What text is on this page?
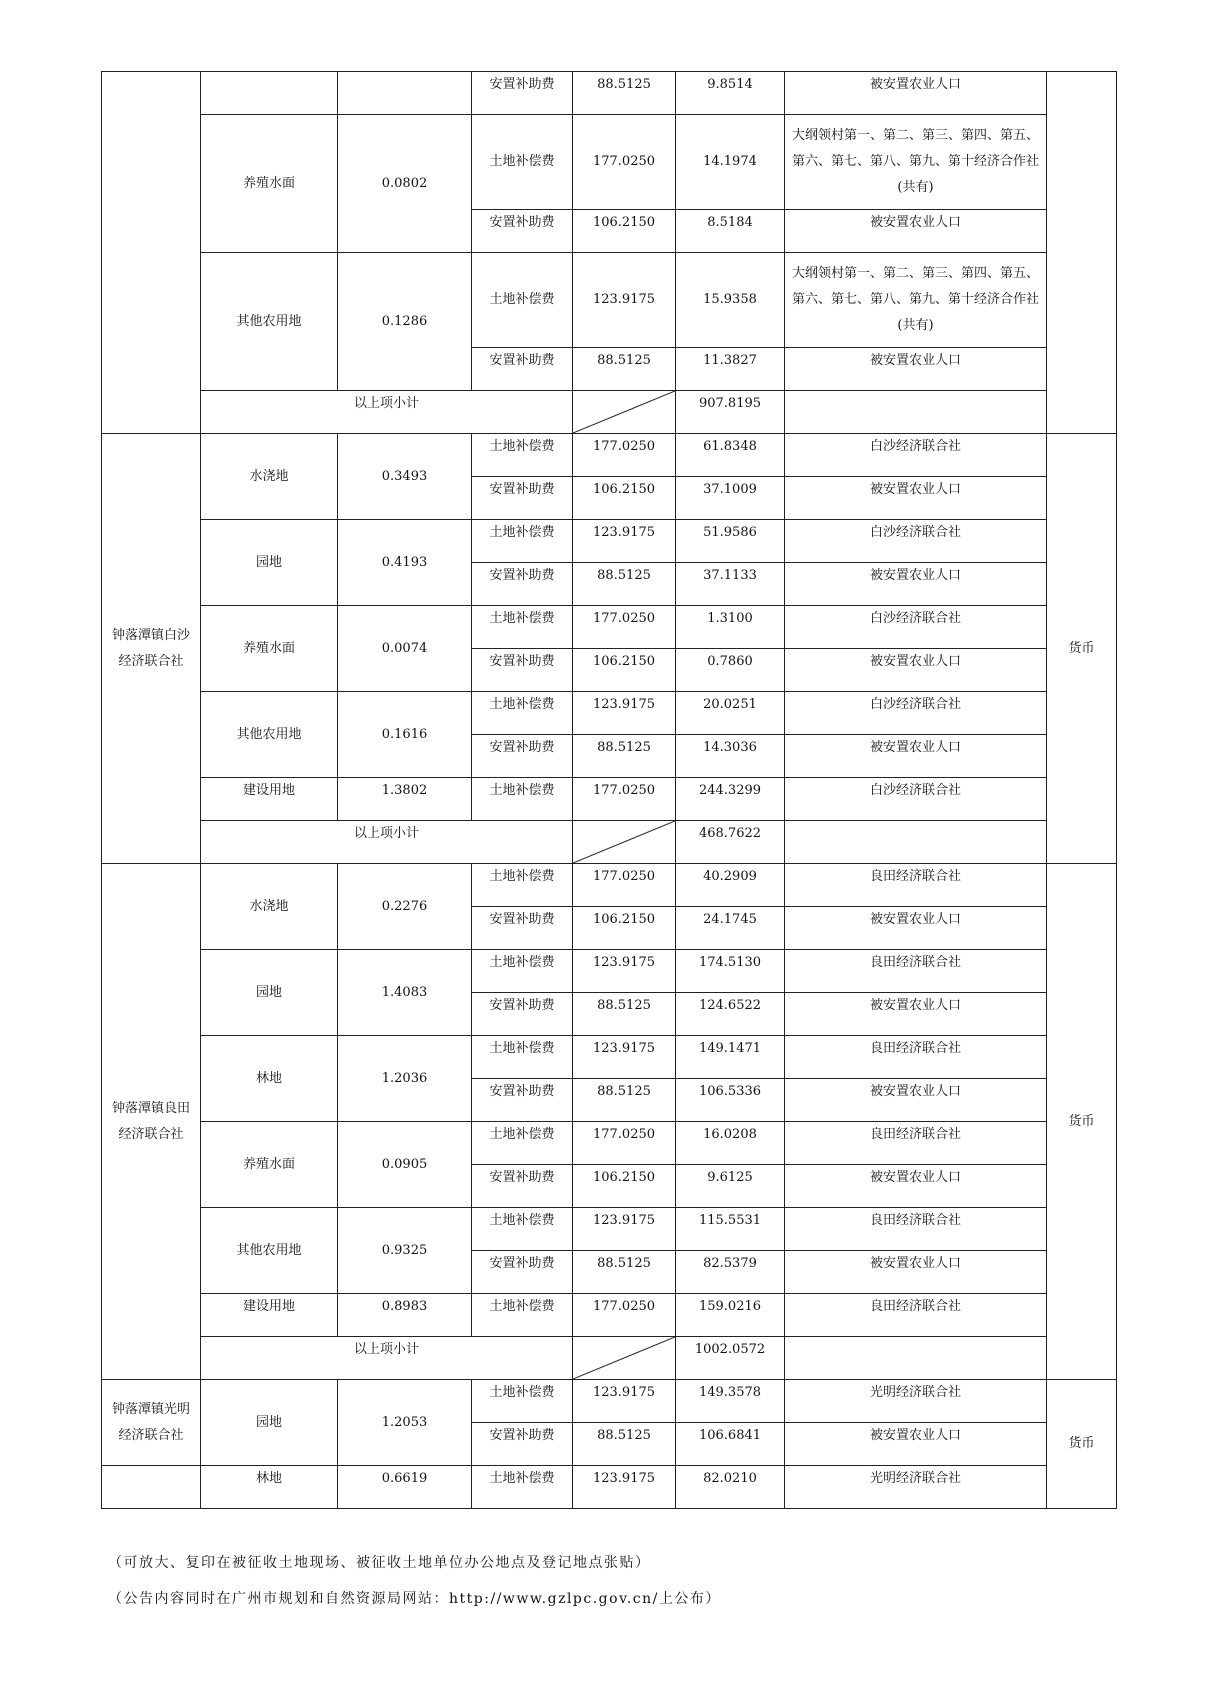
			安置补助费	88.5125	9.8514	被安置农业人口	
	养殖水面	0.0802	土地补偿费	177.0250	14.1974	大纲领村第一、第二、第三、第四、第五、第六、第七、第八、第九、第十经济合作社(共有)	
			安置补助费	106.2150	8.5184	被安置农业人口	
	其他农用地	0.1286	土地补偿费	123.9175	15.9358	大纲领村第一、第二、第三、第四、第五、第六、第七、第八、第九、第十经济合作社(共有)	
			安置补助费	88.5125	11.3827	被安置农业人口	
	以上项小计				907.8195		
钟落潭镇白沙经济联合社	水浇地	0.3493	土地补偿费	177.0250	61.8348	白沙经济联合社	货币
			安置补助费	106.2150	37.1009	被安置农业人口	
	园地	0.4193	土地补偿费	123.9175	51.9586	白沙经济联合社	
			安置补助费	88.5125	37.1133	被安置农业人口	
	养殖水面	0.0074	土地补偿费	177.0250	1.3100	白沙经济联合社	
			安置补助费	106.2150	0.7860	被安置农业人口	
	其他农用地	0.1616	土地补偿费	123.9175	20.0251	白沙经济联合社	
			安置补助费	88.5125	14.3036	被安置农业人口	
	建设用地	1.3802	土地补偿费	177.0250	244.3299	白沙经济联合社	
	以上项小计				468.7622		
钟落潭镇良田经济联合社	水浇地	0.2276	土地补偿费	177.0250	40.2909	良田经济联合社	货币
			安置补助费	106.2150	24.1745	被安置农业人口	
	园地	1.4083	土地补偿费	123.9175	174.5130	良田经济联合社	
			安置补助费	88.5125	124.6522	被安置农业人口	
	林地	1.2036	土地补偿费	123.9175	149.1471	良田经济联合社	
			安置补助费	88.5125	106.5336	被安置农业人口	
	养殖水面	0.0905	土地补偿费	177.0250	16.0208	良田经济联合社	
			安置补助费	106.2150	9.6125	被安置农业人口	
	其他农用地	0.9325	土地补偿费	123.9175	115.5531	良田经济联合社	
			安置补助费	88.5125	82.5379	被安置农业人口	
	建设用地	0.8983	土地补偿费	177.0250	159.0216	良田经济联合社	
	以上项小计				1002.0572		
钟落潭镇光明经济联合社	园地	1.2053	土地补偿费	123.9175	149.3578	光明经济联合社	货币
			安置补助费	88.5125	106.6841	被安置农业人口	
	林地	0.6619	土地补偿费	123.9175	82.0210	光明经济联合社	
（可放大、复印在被征收土地现场、被征收土地单位办公地点及登记地点张贴）
（公告内容同时在广州市规划和自然资源局网站：http://www.gzlpc.gov.cn/上公布）
